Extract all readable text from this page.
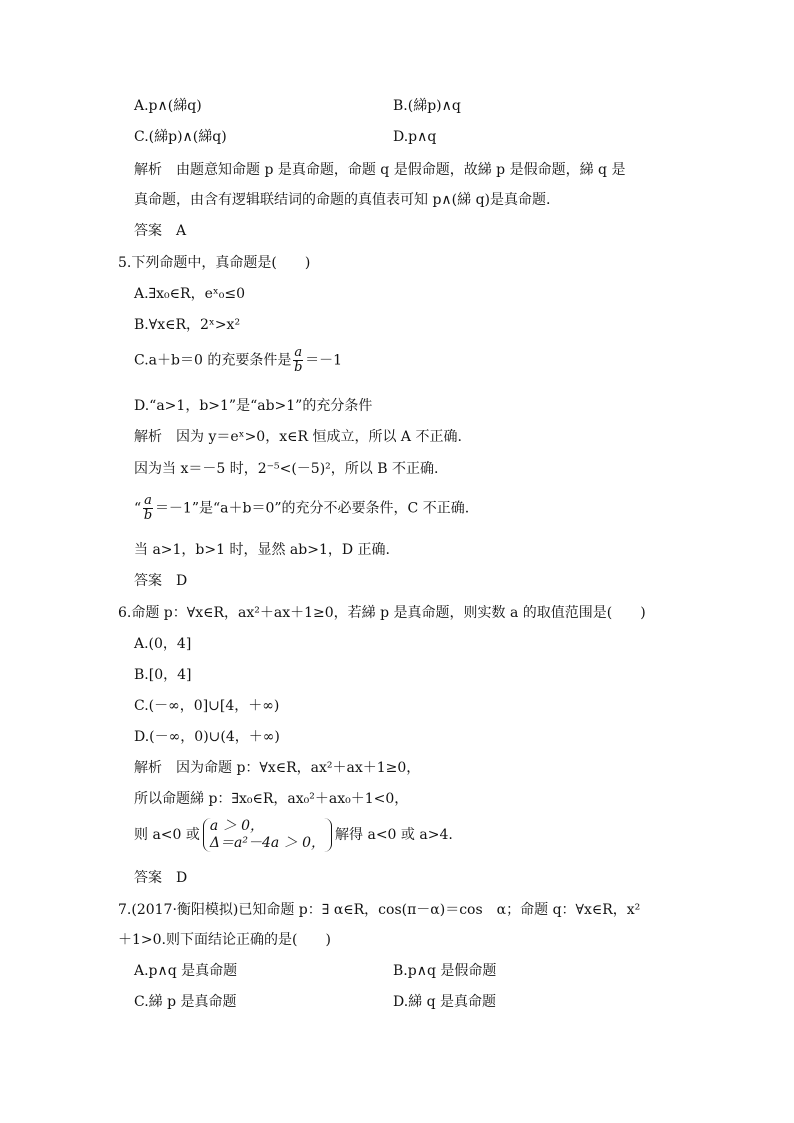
A.p∧(綈q)	B.(綈p)∧q
C.(綈p)∧(綈q)	D.p∧q
解析　由题意知命题 p 是真命题，命题 q 是假命题，故綈 p 是假命题，綈 q 是
真命题，由含有逻辑联结词的命题的真值表可知 p∧(綈 q)是真命题.
答案　A
5.下列命题中，真命题是(　　)
A.∃x₀∈R，eˣ₀≤0
B.∀x∈R，2ˣ>x²
C.a＋b＝0 的充要条件是 $\frac{a}{b} =-1$
D.“a>1，b>1”是“ab>1”的充分条件
解析　因为 y＝eˣ>0，x∈R 恒成立，所以 A 不正确.
因为当 x＝－5 时，2⁻⁵<(－5)²，所以 B 不正确.
“ $\frac{a}{b} =-1$”是“a＋b＝0”的充分不必要条件，C 不正确.
当 a>1，b>1 时，显然 ab>1，D 正确.
答案　D
6.命题 p：∀x∈R，ax²＋ax＋1≥0，若綈 p 是真命题，则实数 a 的取值范围是(　　)
A.(0，4]
B.[0，4]
C.(－∞，0]∪[4，＋∞)
D.(－∞，0)∪(4，＋∞)
解析　因为命题 p：∀x∈R，ax²＋ax＋1≥0，
所以命题綈 p：∃x₀∈R，ax₀²＋ax₀＋1<0，
则 a<0 或
a ＞ 0，
Δ＝a²－4a ＞ 0， 解得 a<0 或 a>4.
答案　D
7.(2017·衡阳模拟)已知命题 p：∃ α∈R，cos(π－α)＝cos　α；命题 q：∀x∈R，x²
＋1>0.则下面结论正确的是(　　)
A.p∧q 是真命题	B.p∧q 是假命题
C.綈 p 是真命题	D.綈 q 是真命题
